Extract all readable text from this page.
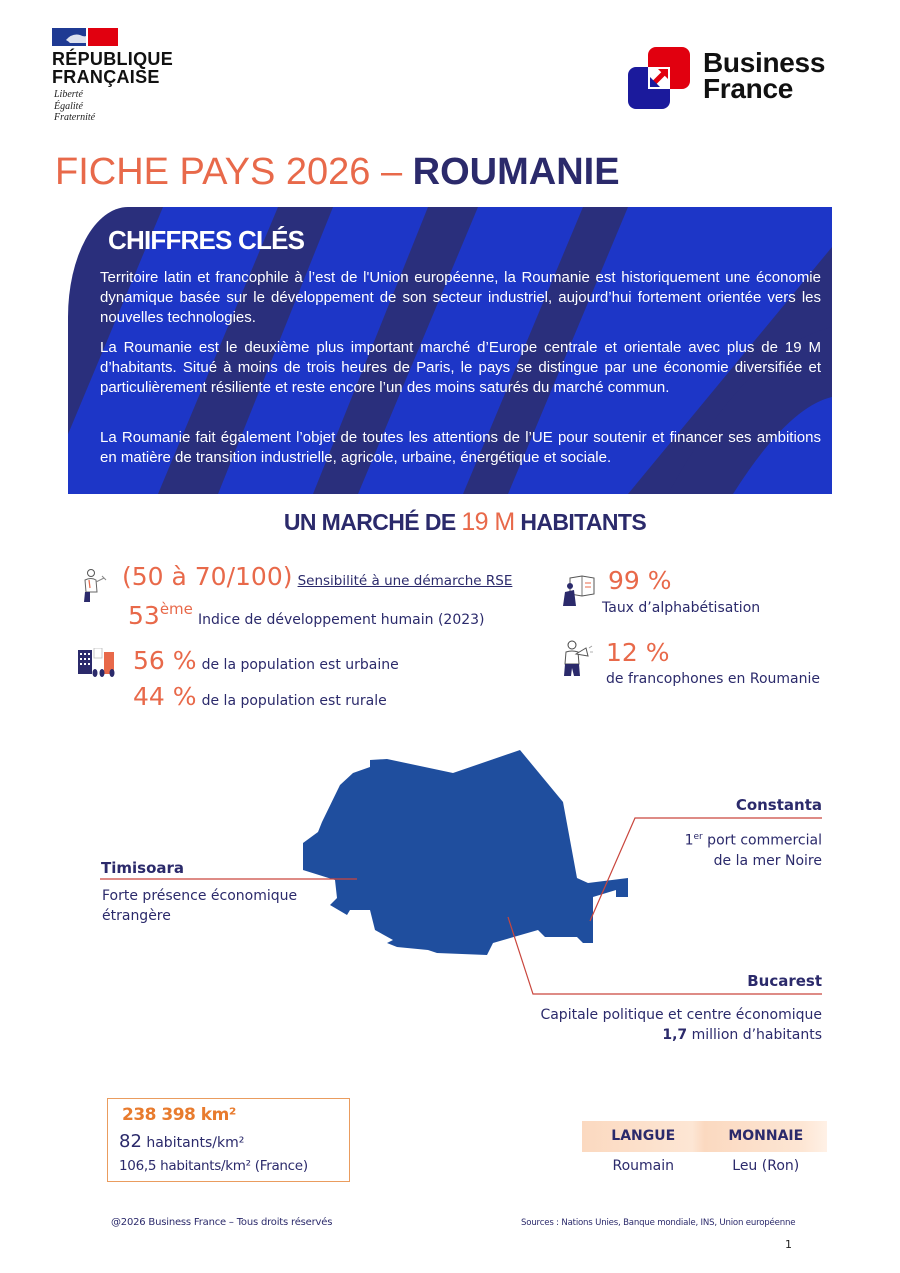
RÉPUBLIQUE
FRANÇAISE
Liberté
Égalité
Fraternité
Business
France
FICHE PAYS 2026 – ROUMANIE
CHIFFRES CLÉS

Territoire latin et francophile à l’est de l'Union européenne, la Roumanie est historiquement une économie dynamique basée sur le développement de son secteur industriel, aujourd’hui fortement orientée vers les nouvelles technologies.

La Roumanie est le deuxième plus important marché d’Europe centrale et orientale avec plus de 19 M d’habitants. Situé à moins de trois heures de Paris, le pays se distingue par une économie diversifiée et particulièrement résiliente et reste encore l’un des moins saturés du marché commun.

La Roumanie fait également l’objet de toutes les attentions de l’UE pour soutenir et financer ses ambitions en matière de transition industrielle, agricole, urbaine, énergétique et sociale.

UN MARCHÉ DE 19 M HABITANTS
(50 à 70/100) Sensibilité à une démarche RSE
53ème Indice de développement humain (2023)
56 % de la population est urbaine
44 % de la population est rurale
99 %
Taux d’alphabétisation
12 %
de francophones en Roumanie
Timisoara
Forte présence économique
étrangère
Constanta
1er port commercial
de la mer Noire
Bucarest
Capitale politique et centre économique
1,7 million d’habitants
238 398 km²
82 habitants/km²
106,5 habitants/km² (France)
LANGUE	MONNAIE
Roumain	Leu (Ron)
@2026 Business France – Tous droits réservés	Sources : Nations Unies, Banque mondiale, INS, Union européenne
1
